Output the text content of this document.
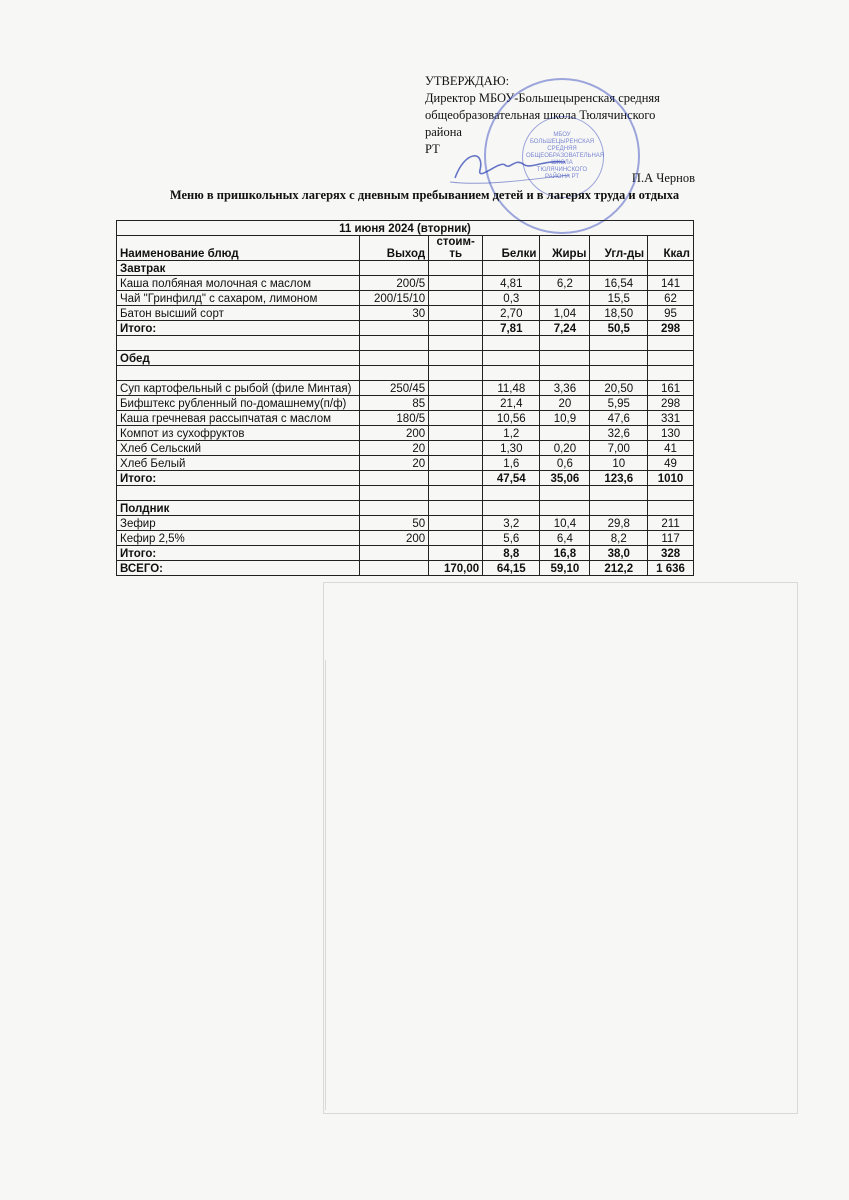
УТВЕРЖДАЮ:
Директор МБОУ-Большецыренская средняя
общеобразовательная школа Тюлячинского района
РТ
П.А Чернов
МБОУ БОЛЬШЕЦЫРЕНСКАЯ СРЕДНЯЯ ОБЩЕОБРАЗОВАТЕЛЬНАЯ ШКОЛА ТЮЛЯЧИНСКОГО РАЙОНА РТ
Меню в пришкольных лагерях с дневным пребыванием детей и в лагерях труда и отдыха
11 июня 2024 (вторник)						
Наименование блюд	Выход	стоим-ть	Белки	Жиры	Угл-ды	Ккал
Завтрак						
Каша полбяная молочная с маслом	200/5		4,81	6,2	16,54	141
Чай "Гринфилд" с сахаром, лимоном	200/15/10		0,3		15,5	62
Батон высший сорт	30		2,70	1,04	18,50	95
Итого:			7,81	7,24	50,5	298

Обед						

Суп картофельный с рыбой (филе Минтая)	250/45		11,48	3,36	20,50	161
Бифштекс рубленный по-домашнему(п/ф)	85		21,4	20	5,95	298
Каша гречневая рассыпчатая с маслом	180/5		10,56	10,9	47,6	331
Компот из сухофруктов	200		1,2		32,6	130
Хлеб Сельский	20		1,30	0,20	7,00	41
Хлеб Белый	20		1,6	0,6	10	49
Итого:			47,54	35,06	123,6	1010

Полдник						
Зефир	50		3,2	10,4	29,8	211
Кефир 2,5%	200		5,6	6,4	8,2	117
Итого:			8,8	16,8	38,0	328
ВСЕГО:		170,00	64,15	59,10	212,2	1 636
